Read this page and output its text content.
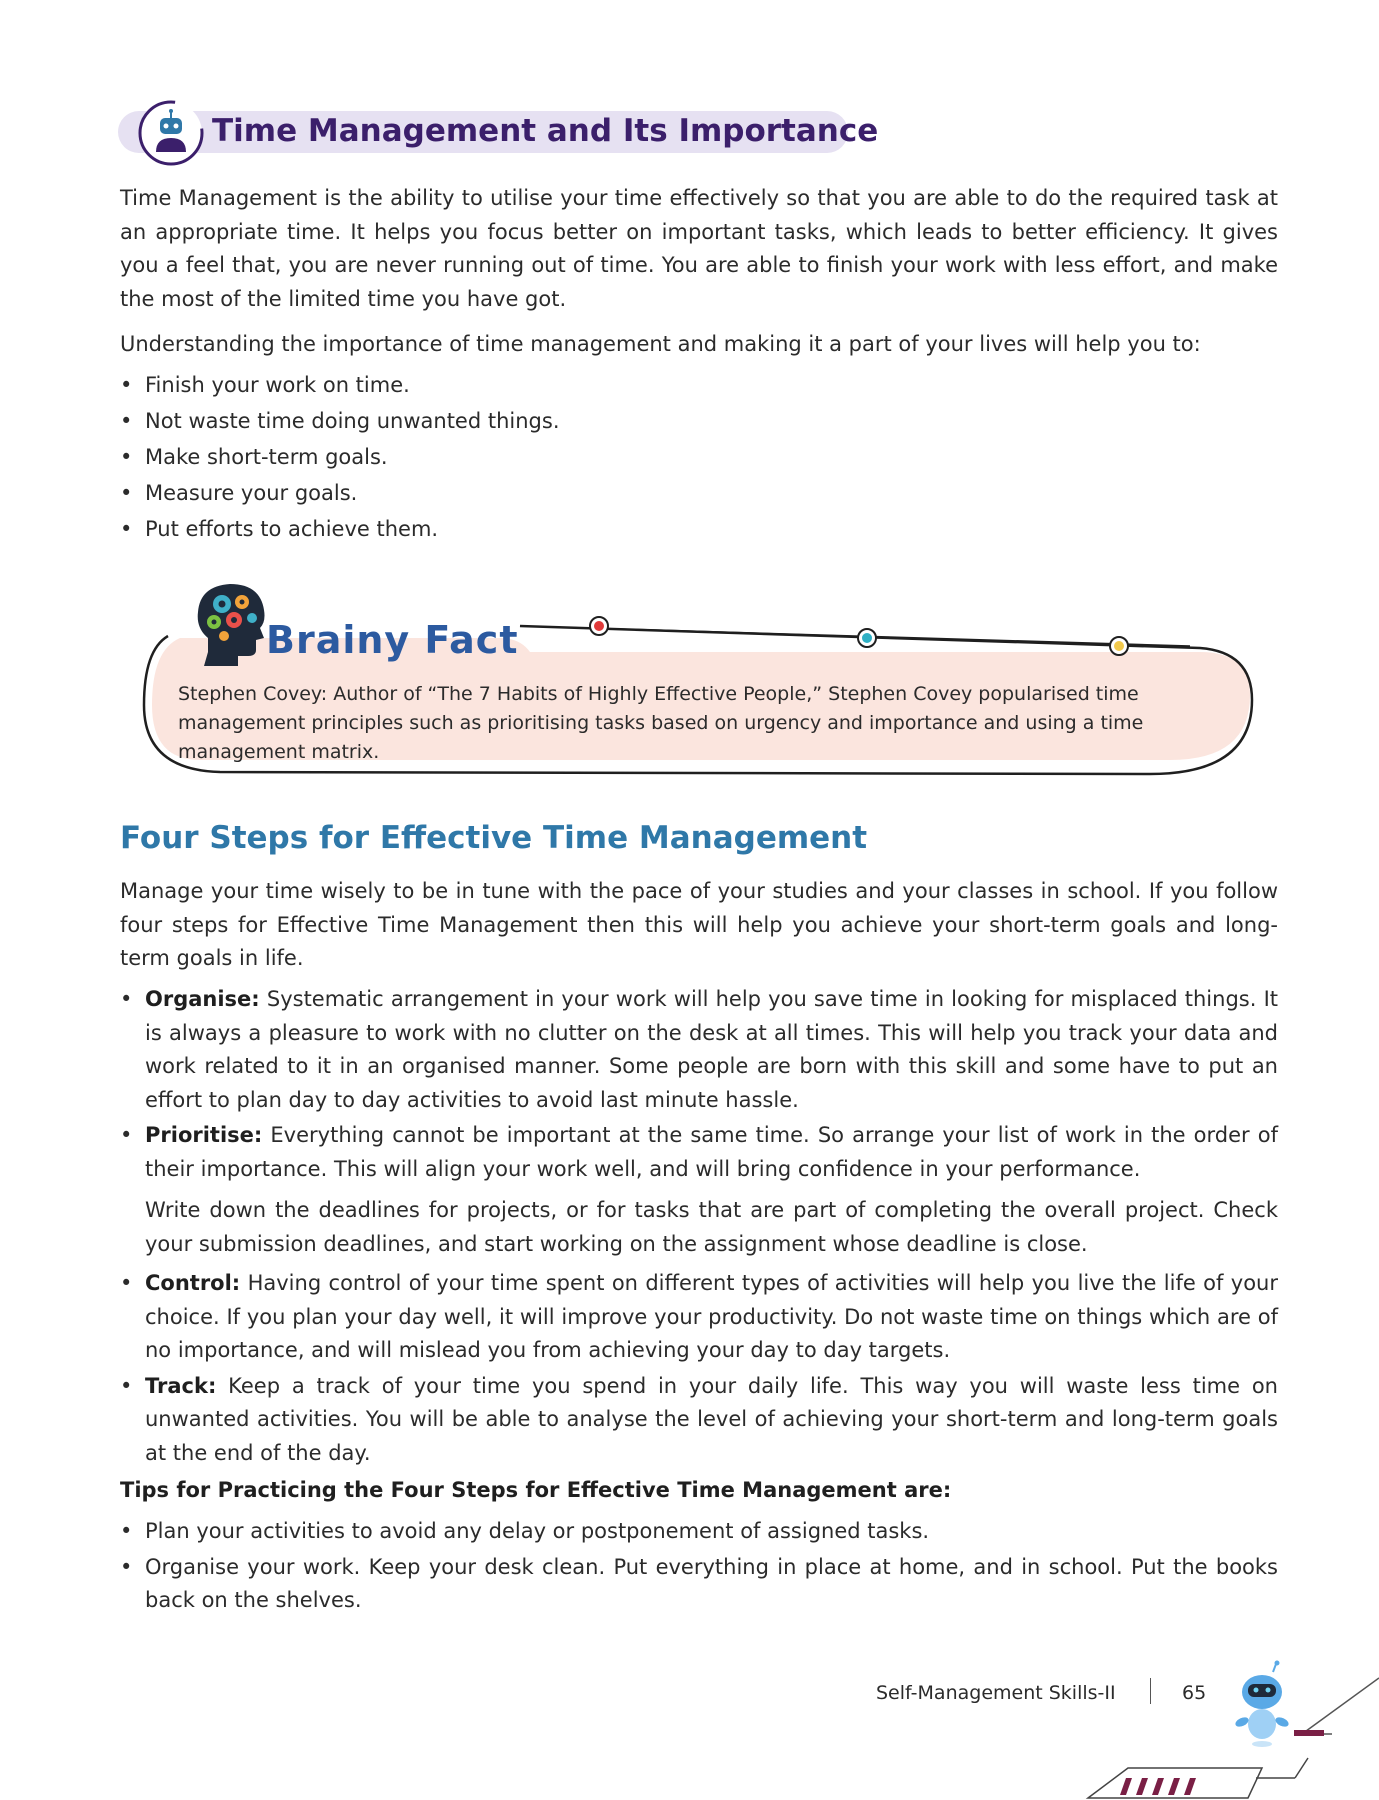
Time Management and Its Importance
Time Management is the ability to utilise your time effectively so that you are able to do the required task at an appropriate time. It helps you focus better on important tasks, which leads to better efficiency. It gives you a feel that, you are never running out of time. You are able to finish your work with less effort, and make the most of the limited time you have got.
Understanding the importance of time management and making it a part of your lives will help you to:
• Finish your work on time.
• Not waste time doing unwanted things.
• Make short-term goals.
• Measure your goals.
• Put efforts to achieve them.
Brainy Fact
Stephen Covey: Author of “The 7 Habits of Highly Effective People,” Stephen Covey popularised time management principles such as prioritising tasks based on urgency and importance and using a time management matrix.
Four Steps for Effective Time Management
Manage your time wisely to be in tune with the pace of your studies and your classes in school. If you follow four steps for Effective Time Management then this will help you achieve your short-term goals and long-term goals in life.
• Organise: Systematic arrangement in your work will help you save time in looking for misplaced things. It is always a pleasure to work with no clutter on the desk at all times. This will help you track your data and work related to it in an organised manner. Some people are born with this skill and some have to put an effort to plan day to day activities to avoid last minute hassle.
• Prioritise: Everything cannot be important at the same time. So arrange your list of work in the order of their importance. This will align your work well, and will bring confidence in your performance.
Write down the deadlines for projects, or for tasks that are part of completing the overall project. Check your submission deadlines, and start working on the assignment whose deadline is close.
• Control: Having control of your time spent on different types of activities will help you live the life of your choice. If you plan your day well, it will improve your productivity. Do not waste time on things which are of no importance, and will mislead you from achieving your day to day targets.
• Track: Keep a track of your time you spend in your daily life. This way you will waste less time on unwanted activities. You will be able to analyse the level of achieving your short-term and long-term goals at the end of the day.
Tips for Practicing the Four Steps for Effective Time Management are:
• Plan your activities to avoid any delay or postponement of assigned tasks.
• Organise your work. Keep your desk clean. Put everything in place at home, and in school. Put the books back on the shelves.
Self-Management Skills-II	65
